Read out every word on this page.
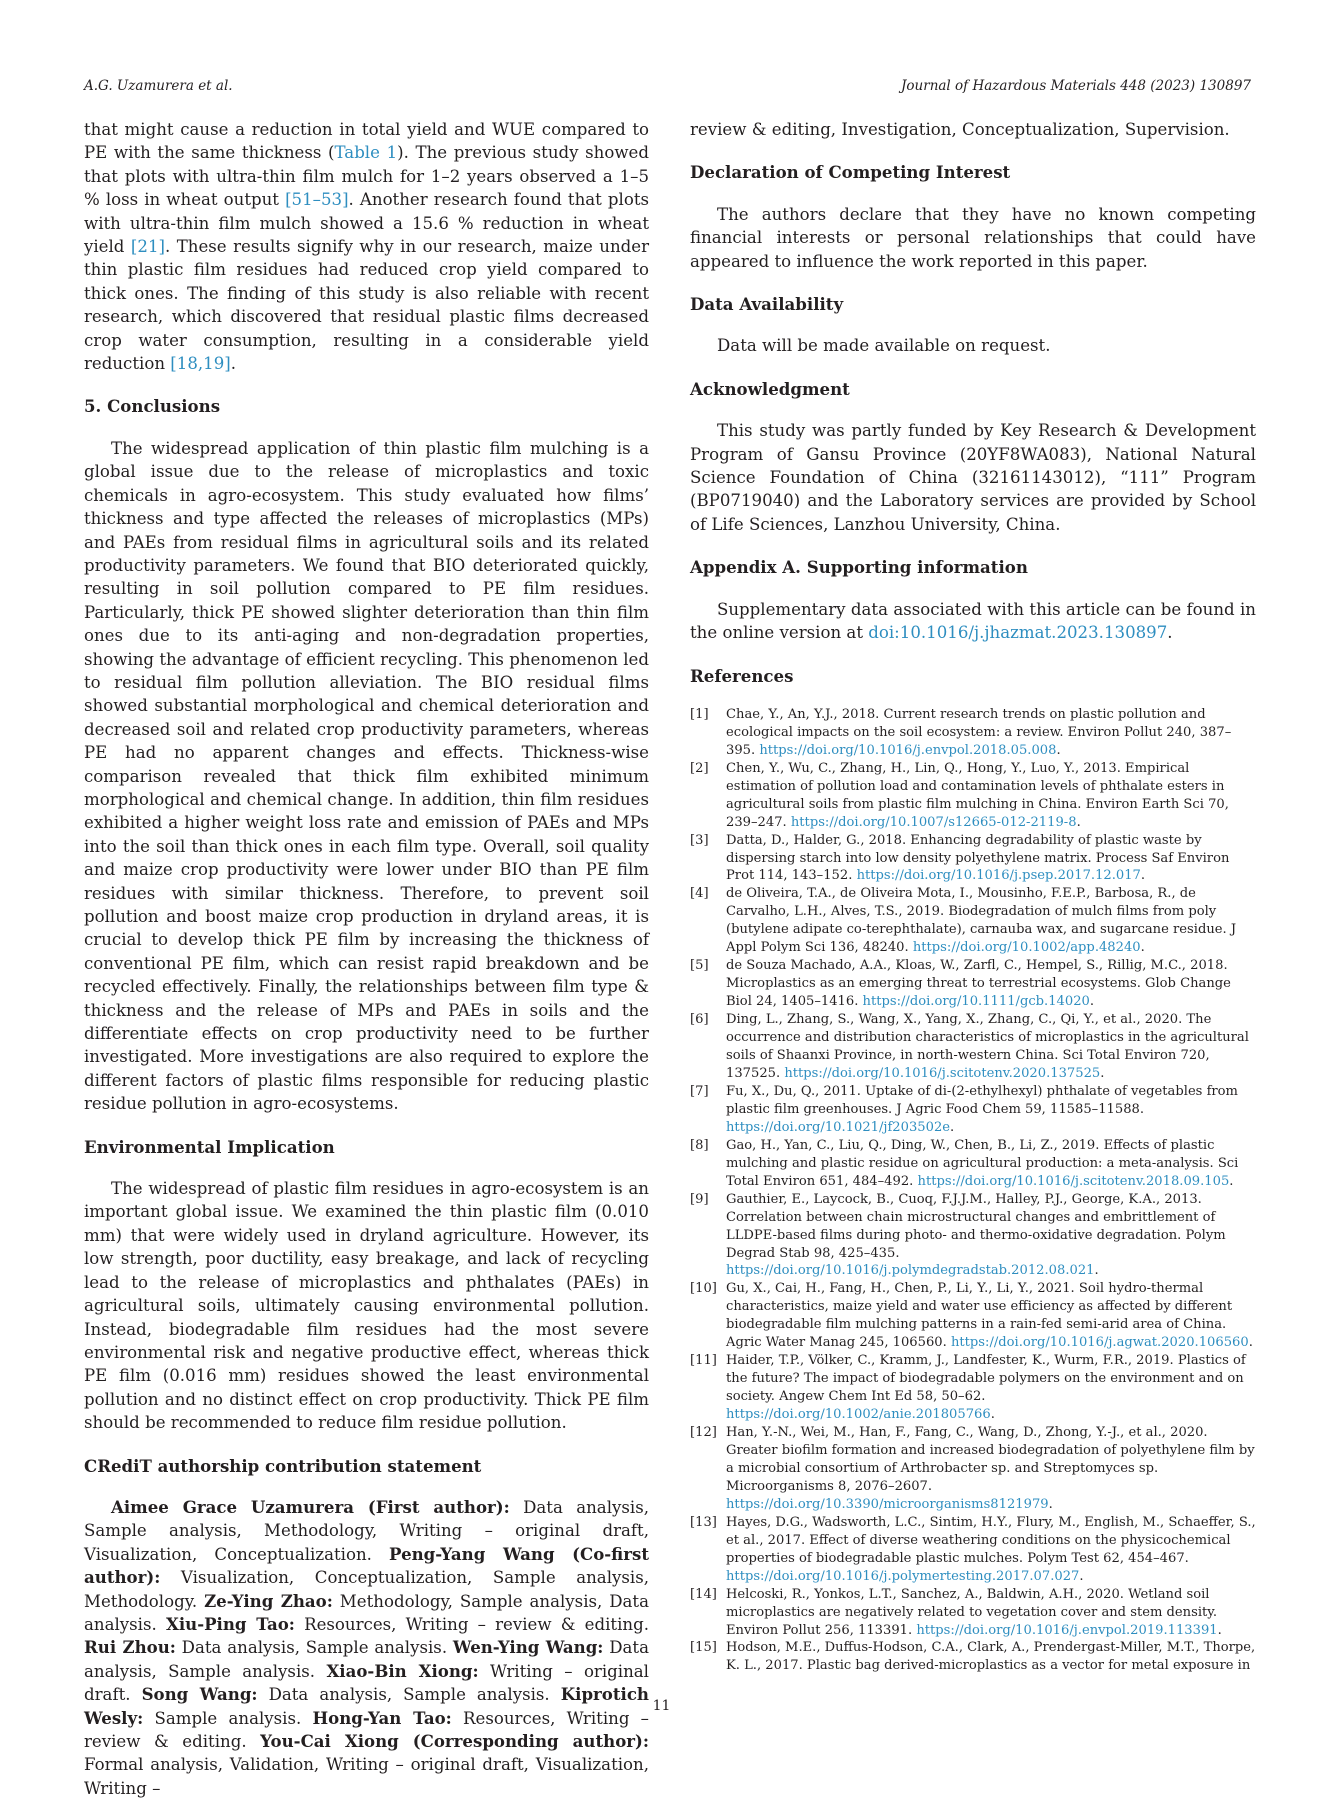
A.G. Uzamurera et al.	Journal of Hazardous Materials 448 (2023) 130897

that might cause a reduction in total yield and WUE compared to PE with the same thickness (Table 1). The previous study showed that plots with ultra-thin film mulch for 1–2 years observed a 1–5 % loss in wheat output [51–53]. Another research found that plots with ultra-thin film mulch showed a 15.6 % reduction in wheat yield [21]. These results signify why in our research, maize under thin plastic film residues had reduced crop yield compared to thick ones. The finding of this study is also reliable with recent research, which discovered that residual plastic films decreased crop water consumption, resulting in a considerable yield reduction [18,19].

5. Conclusions

The widespread application of thin plastic film mulching is a global issue due to the release of microplastics and toxic chemicals in agro-ecosystem. This study evaluated how films’ thickness and type affected the releases of microplastics (MPs) and PAEs from residual films in agricultural soils and its related productivity parameters. We found that BIO deteriorated quickly, resulting in soil pollution compared to PE film residues. Particularly, thick PE showed slighter deterioration than thin film ones due to its anti-aging and non-degradation properties, showing the advantage of efficient recycling. This phenomenon led to residual film pollution alleviation. The BIO residual films showed substantial morphological and chemical deterioration and decreased soil and related crop productivity parameters, whereas PE had no apparent changes and effects. Thickness-wise comparison revealed that thick film exhibited minimum morphological and chemical change. In addition, thin film residues exhibited a higher weight loss rate and emission of PAEs and MPs into the soil than thick ones in each film type. Overall, soil quality and maize crop productivity were lower under BIO than PE film residues with similar thickness. Therefore, to prevent soil pollution and boost maize crop production in dryland areas, it is crucial to develop thick PE film by increasing the thickness of conventional PE film, which can resist rapid breakdown and be recycled effectively. Finally, the relationships between film type & thickness and the release of MPs and PAEs in soils and the differentiate effects on crop productivity need to be further investigated. More investigations are also required to explore the different factors of plastic films responsible for reducing plastic residue pollution in agro-ecosystems.

Environmental Implication

The widespread of plastic film residues in agro-ecosystem is an important global issue. We examined the thin plastic film (0.010 mm) that were widely used in dryland agriculture. However, its low strength, poor ductility, easy breakage, and lack of recycling lead to the release of microplastics and phthalates (PAEs) in agricultural soils, ultimately causing environmental pollution. Instead, biodegradable film residues had the most severe environmental risk and negative productive effect, whereas thick PE film (0.016 mm) residues showed the least environmental pollution and no distinct effect on crop productivity. Thick PE film should be recommended to reduce film residue pollution.

CRediT authorship contribution statement

Aimee Grace Uzamurera (First author): Data analysis, Sample analysis, Methodology, Writing – original draft, Visualization, Conceptualization. Peng-Yang Wang (Co-first author): Visualization, Conceptualization, Sample analysis, Methodology. Ze-Ying Zhao: Methodology, Sample analysis, Data analysis. Xiu-Ping Tao: Resources, Writing – review & editing. Rui Zhou: Data analysis, Sample analysis. Wen-Ying Wang: Data analysis, Sample analysis. Xiao-Bin Xiong: Writing – original draft. Song Wang: Data analysis, Sample analysis. Kiprotich Wesly: Sample analysis. Hong-Yan Tao: Resources, Writing – review & editing. You-Cai Xiong (Corresponding author): Formal analysis, Validation, Writing – original draft, Visualization, Writing –

review & editing, Investigation, Conceptualization, Supervision.

Declaration of Competing Interest

The authors declare that they have no known competing financial interests or personal relationships that could have appeared to influence the work reported in this paper.

Data Availability

Data will be made available on request.

Acknowledgment

This study was partly funded by Key Research & Development Program of Gansu Province (20YF8WA083), National Natural Science Foundation of China (32161143012), “111” Program (BP0719040) and the Laboratory services are provided by School of Life Sciences, Lanzhou University, China.

Appendix A. Supporting information

Supplementary data associated with this article can be found in the online version at doi:10.1016/j.jhazmat.2023.130897.

References
[1]	Chae, Y., An, Y.J., 2018. Current research trends on plastic pollution and ecological impacts on the soil ecosystem: a review. Environ Pollut 240, 387–395. https://doi.org/10.1016/j.envpol.2018.05.008.
[2]	Chen, Y., Wu, C., Zhang, H., Lin, Q., Hong, Y., Luo, Y., 2013. Empirical estimation of pollution load and contamination levels of phthalate esters in agricultural soils from plastic film mulching in China. Environ Earth Sci 70, 239–247. https://doi.org/10.1007/s12665-012-2119-8.
[3]	Datta, D., Halder, G., 2018. Enhancing degradability of plastic waste by dispersing starch into low density polyethylene matrix. Process Saf Environ Prot 114, 143–152. https://doi.org/10.1016/j.psep.2017.12.017.
[4]	de Oliveira, T.A., de Oliveira Mota, I., Mousinho, F.E.P., Barbosa, R., de Carvalho, L.H., Alves, T.S., 2019. Biodegradation of mulch films from poly (butylene adipate co-terephthalate), carnauba wax, and sugarcane residue. J Appl Polym Sci 136, 48240. https://doi.org/10.1002/app.48240.
[5]	de Souza Machado, A.A., Kloas, W., Zarfl, C., Hempel, S., Rillig, M.C., 2018. Microplastics as an emerging threat to terrestrial ecosystems. Glob Change Biol 24, 1405–1416. https://doi.org/10.1111/gcb.14020.
[6]	Ding, L., Zhang, S., Wang, X., Yang, X., Zhang, C., Qi, Y., et al., 2020. The occurrence and distribution characteristics of microplastics in the agricultural soils of Shaanxi Province, in north-western China. Sci Total Environ 720, 137525. https://doi.org/10.1016/j.scitotenv.2020.137525.
[7]	Fu, X., Du, Q., 2011. Uptake of di-(2-ethylhexyl) phthalate of vegetables from plastic film greenhouses. J Agric Food Chem 59, 11585–11588. https://doi.org/10.1021/jf203502e.
[8]	Gao, H., Yan, C., Liu, Q., Ding, W., Chen, B., Li, Z., 2019. Effects of plastic mulching and plastic residue on agricultural production: a meta-analysis. Sci Total Environ 651, 484–492. https://doi.org/10.1016/j.scitotenv.2018.09.105.
[9]	Gauthier, E., Laycock, B., Cuoq, F.J.J.M., Halley, P.J., George, K.A., 2013. Correlation between chain microstructural changes and embrittlement of LLDPE-based films during photo- and thermo-oxidative degradation. Polym Degrad Stab 98, 425–435. https://doi.org/10.1016/j.polymdegradstab.2012.08.021.
[10] Gu, X., Cai, H., Fang, H., Chen, P., Li, Y., Li, Y., 2021. Soil hydro-thermal characteristics, maize yield and water use efficiency as affected by different biodegradable film mulching patterns in a rain-fed semi-arid area of China. Agric Water Manag 245, 106560. https://doi.org/10.1016/j.agwat.2020.106560.
[11] Haider, T.P., Völker, C., Kramm, J., Landfester, K., Wurm, F.R., 2019. Plastics of the future? The impact of biodegradable polymers on the environment and on society. Angew Chem Int Ed 58, 50–62. https://doi.org/10.1002/anie.201805766.
[12] Han, Y.-N., Wei, M., Han, F., Fang, C., Wang, D., Zhong, Y.-J., et al., 2020. Greater biofilm formation and increased biodegradation of polyethylene film by a microbial consortium of Arthrobacter sp. and Streptomyces sp. Microorganisms 8, 2076–2607. https://doi.org/10.3390/microorganisms8121979.
[13] Hayes, D.G., Wadsworth, L.C., Sintim, H.Y., Flury, M., English, M., Schaeffer, S., et al., 2017. Effect of diverse weathering conditions on the physicochemical properties of biodegradable plastic mulches. Polym Test 62, 454–467. https://doi.org/10.1016/j.polymertesting.2017.07.027.
[14] Helcoski, R., Yonkos, L.T., Sanchez, A., Baldwin, A.H., 2020. Wetland soil microplastics are negatively related to vegetation cover and stem density. Environ Pollut 256, 113391. https://doi.org/10.1016/j.envpol.2019.113391.
[15] Hodson, M.E., Duffus-Hodson, C.A., Clark, A., Prendergast-Miller, M.T., Thorpe, K. L., 2017. Plastic bag derived-microplastics as a vector for metal exposure in
11
